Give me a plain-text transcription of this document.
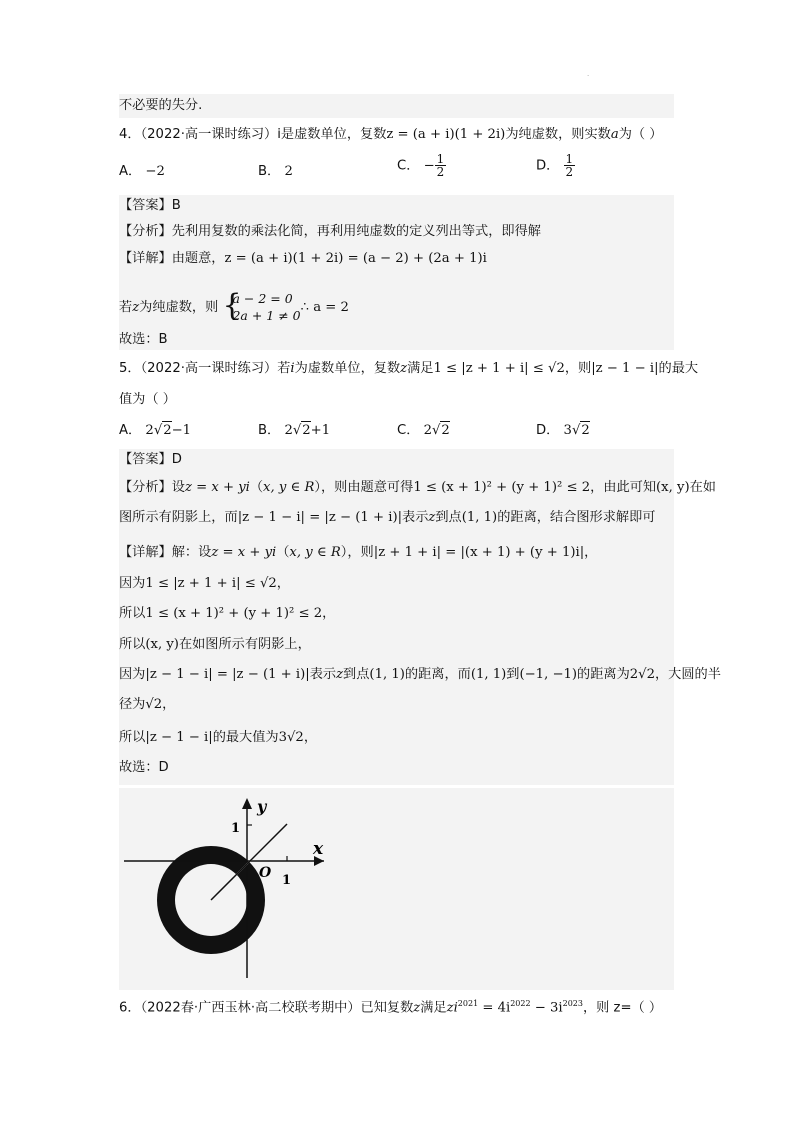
·
不必要的失分.
4．（2022·高一课时练习）i是虚数单位，复数z = (a + i)(1 + 2i)为纯虚数，则实数a为（ ）
A． −2	B． 2	C． − $\frac{1}{2}$	D． $\frac{1}{2}$
【答案】B
【分析】先利用复数的乘法化简，再利用纯虚数的定义列出等式，即得解
【详解】由题意，z = (a + i)(1 + 2i) = (a − 2) + (2a + 1)i
若z为纯虚数，则 {
a − 2 = 0
2a + 1 ≠ 0
∴ a = 2
故选：B
5．（2022·高一课时练习）若i为虚数单位，复数z满足1 ≤ |z + 1 + i| ≤ √2，则|z − 1 − i|的最大
值为（ ）
A． 2√2−1	B． 2√2+1	C． 2√2	D． 3√2
【答案】D
【分析】设z = x + yi（x, y ∈ R），则由题意可得1 ≤ (x + 1)² + (y + 1)² ≤ 2，由此可知(x, y)在如
图所示有阴影上，而|z − 1 − i| = |z − (1 + i)|表示z到点(1, 1)的距离，结合图形求解即可
【详解】解：设z = x + yi（x, y ∈ R），则|z + 1 + i| = |(x + 1) + (y + 1)i|，
因为1 ≤ |z + 1 + i| ≤ √2，
所以1 ≤ (x + 1)² + (y + 1)² ≤ 2，
所以(x, y)在如图所示有阴影上，
因为|z − 1 − i| = |z − (1 + i)|表示z到点(1, 1)的距离，而(1, 1)到(−1, −1)的距离为2√2，大圆的半
径为√2，
所以|z − 1 − i|的最大值为3√2，
故选：D
y
x
O
1
1
6．（2022春·广西玉林·高二校联考期中）已知复数z满足$zi^{2021} = 4i^{2022} - 3i^{2023}$，则 z=（ ）
